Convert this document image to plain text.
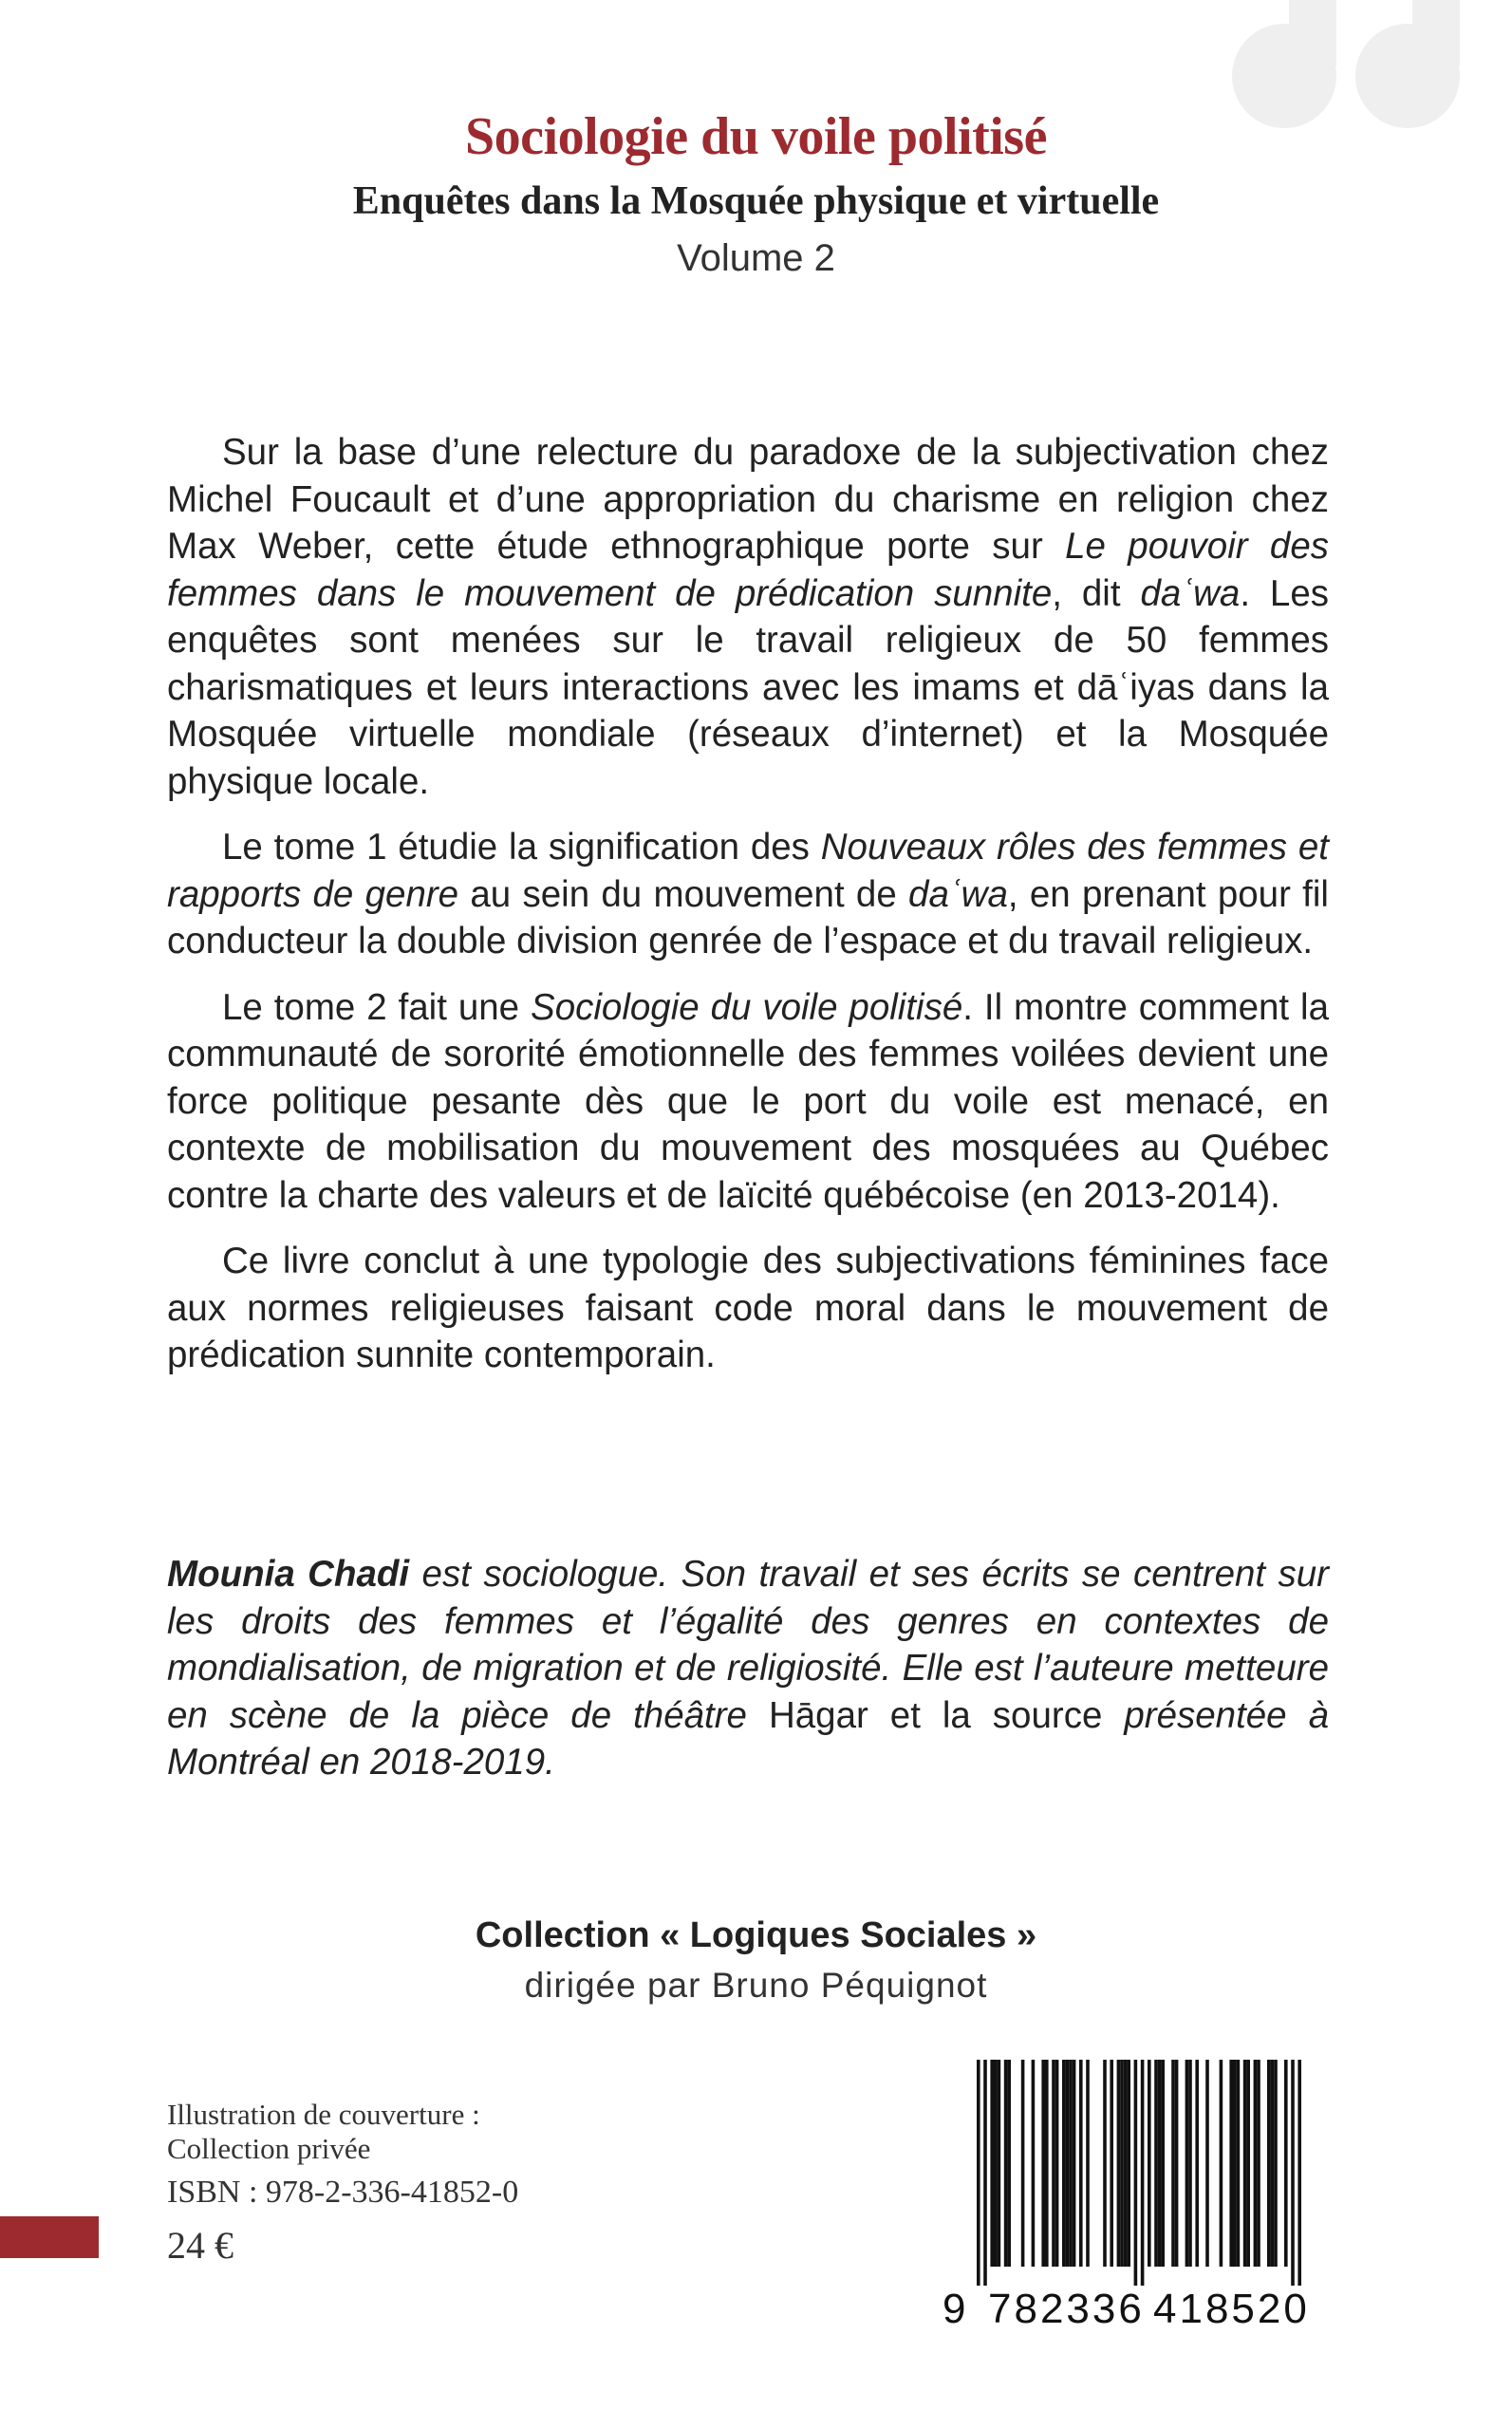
Sociologie du voile politisé
Enquêtes dans la Mosquée physique et virtuelle
Volume 2

Sur la base d’une relecture du paradoxe de la subjectivation chez Michel Foucault et d’une appropriation du charisme en religion chez Max Weber, cette étude ethnographique porte sur Le pouvoir des femmes dans le mouvement de prédication sunnite, dit daʿwa. Les enquêtes sont menées sur le travail religieux de 50 femmes charismatiques et leurs interactions avec les imams et dāʿiyas dans la Mosquée virtuelle mondiale (réseaux d’internet) et la Mosquée physique locale.

Le tome 1 étudie la signification des Nouveaux rôles des femmes et rapports de genre au sein du mouvement de daʿwa, en prenant pour fil conducteur la double division genrée de l’espace et du travail religieux.

Le tome 2 fait une Sociologie du voile politisé. Il montre comment la communauté de sororité émotionnelle des femmes voilées devient une force politique pesante dès que le port du voile est menacé, en contexte de mobilisation du mouvement des mosquées au Québec contre la charte des valeurs et de laïcité québécoise (en 2013-2014).

Ce livre conclut à une typologie des subjectivations féminines face aux normes religieuses faisant code moral dans le mouvement de prédication sunnite contemporain.

Mounia Chadi est sociologue. Son travail et ses écrits se centrent sur les droits des femmes et l’égalité des genres en contextes de mondialisation, de migration et de religiosité. Elle est l’auteure metteure en scène de la pièce de théâtre Hāgar et la source présentée à Montréal en 2018-2019.

Collection « Logiques Sociales »
dirigée par Bruno Péquignot
Illustration de couverture :
Collection privée
ISBN : 978-2-336-41852-0
24 €
9 782336 418520
